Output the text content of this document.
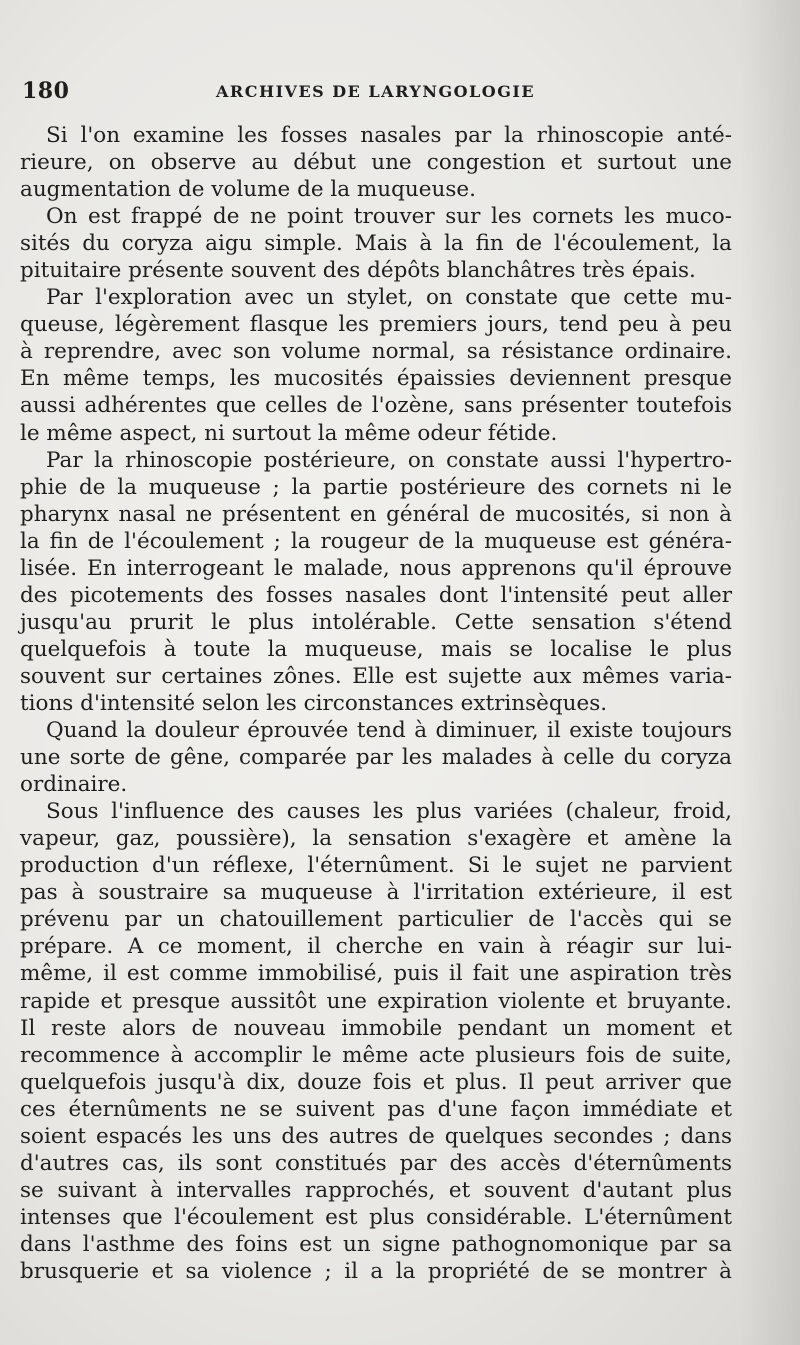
180	ARCHIVES DE LARYNGOLOGIE
Si l'on examine les fosses nasales par la rhinoscopie anté-
rieure, on observe au début une congestion et surtout une
augmentation de volume de la muqueuse.
On est frappé de ne point trouver sur les cornets les muco-
sités du coryza aigu simple. Mais à la fin de l'écoulement, la
pituitaire présente souvent des dépôts blanchâtres très épais.
Par l'exploration avec un stylet, on constate que cette mu-
queuse, légèrement flasque les premiers jours, tend peu à peu
à reprendre, avec son volume normal, sa résistance ordinaire.
En même temps, les mucosités épaissies deviennent presque
aussi adhérentes que celles de l'ozène, sans présenter toutefois
le même aspect, ni surtout la même odeur fétide.
Par la rhinoscopie postérieure, on constate aussi l'hypertro-
phie de la muqueuse ; la partie postérieure des cornets ni le
pharynx nasal ne présentent en général de mucosités, si non à
la fin de l'écoulement ; la rougeur de la muqueuse est généra-
lisée. En interrogeant le malade, nous apprenons qu'il éprouve
des picotements des fosses nasales dont l'intensité peut aller
jusqu'au prurit le plus intolérable. Cette sensation s'étend
quelquefois à toute la muqueuse, mais se localise le plus
souvent sur certaines zônes. Elle est sujette aux mêmes varia-
tions d'intensité selon les circonstances extrinsèques.
Quand la douleur éprouvée tend à diminuer, il existe toujours
une sorte de gêne, comparée par les malades à celle du coryza
ordinaire.
Sous l'influence des causes les plus variées (chaleur, froid,
vapeur, gaz, poussière), la sensation s'exagère et amène la
production d'un réflexe, l'éternûment. Si le sujet ne parvient
pas à soustraire sa muqueuse à l'irritation extérieure, il est
prévenu par un chatouillement particulier de l'accès qui se
prépare. A ce moment, il cherche en vain à réagir sur lui-
même, il est comme immobilisé, puis il fait une aspiration très
rapide et presque aussitôt une expiration violente et bruyante.
Il reste alors de nouveau immobile pendant un moment et
recommence à accomplir le même acte plusieurs fois de suite,
quelquefois jusqu'à dix, douze fois et plus. Il peut arriver que
ces éternûments ne se suivent pas d'une façon immédiate et
soient espacés les uns des autres de quelques secondes ; dans
d'autres cas, ils sont constitués par des accès d'éternûments
se suivant à intervalles rapprochés, et souvent d'autant plus
intenses que l'écoulement est plus considérable. L'éternûment
dans l'asthme des foins est un signe pathognomonique par sa
brusquerie et sa violence ; il a la propriété de se montrer à
